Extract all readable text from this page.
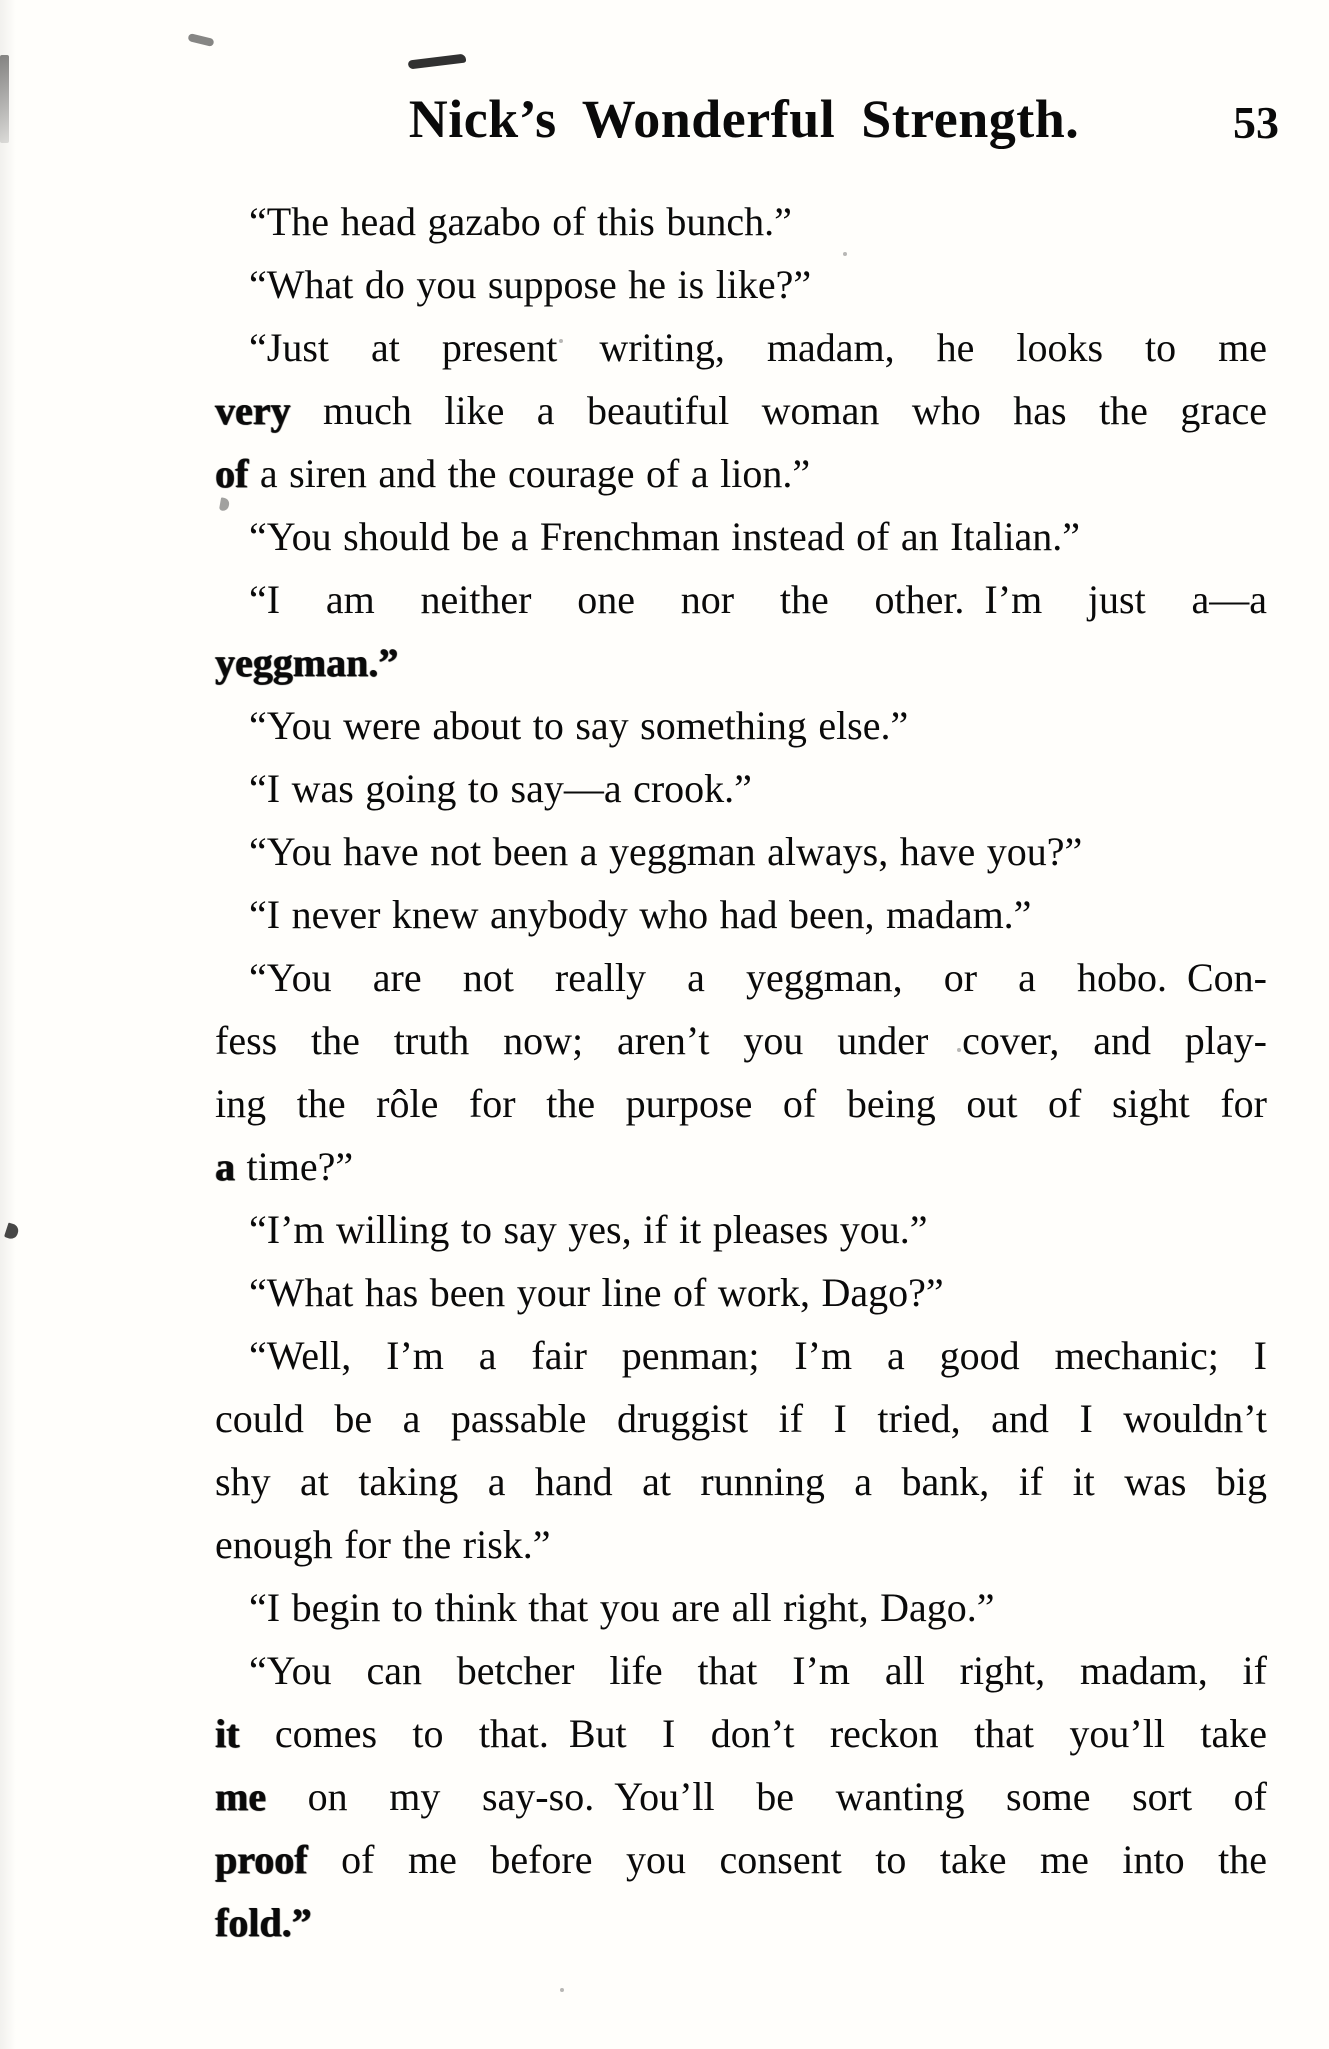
Nick’s Wonderful Strength.	53
“The head gazabo of this bunch.”
“What do you suppose he is like?”
“Just at present writing, madam, he looks to me
very much like a beautiful woman who has the grace
of a siren and the courage of a lion.”
“You should be a Frenchman instead of an Italian.”
“I am neither one nor the other. I’m just a—a
yeggman.”
“You were about to say something else.”
“I was going to say—a crook.”
“You have not been a yeggman always, have you?”
“I never knew anybody who had been, madam.”
“You are not really a yeggman, or a hobo. Con-
fess the truth now; aren’t you under cover, and play-
ing the rôle for the purpose of being out of sight for
a time?”
“I’m willing to say yes, if it pleases you.”
“What has been your line of work, Dago?”
“Well, I’m a fair penman; I’m a good mechanic; I
could be a passable druggist if I tried, and I wouldn’t
shy at taking a hand at running a bank, if it was big
enough for the risk.”
“I begin to think that you are all right, Dago.”
“You can betcher life that I’m all right, madam, if
it comes to that. But I don’t reckon that you’ll take
me on my say-so. You’ll be wanting some sort of
proof of me before you consent to take me into the
fold.”
